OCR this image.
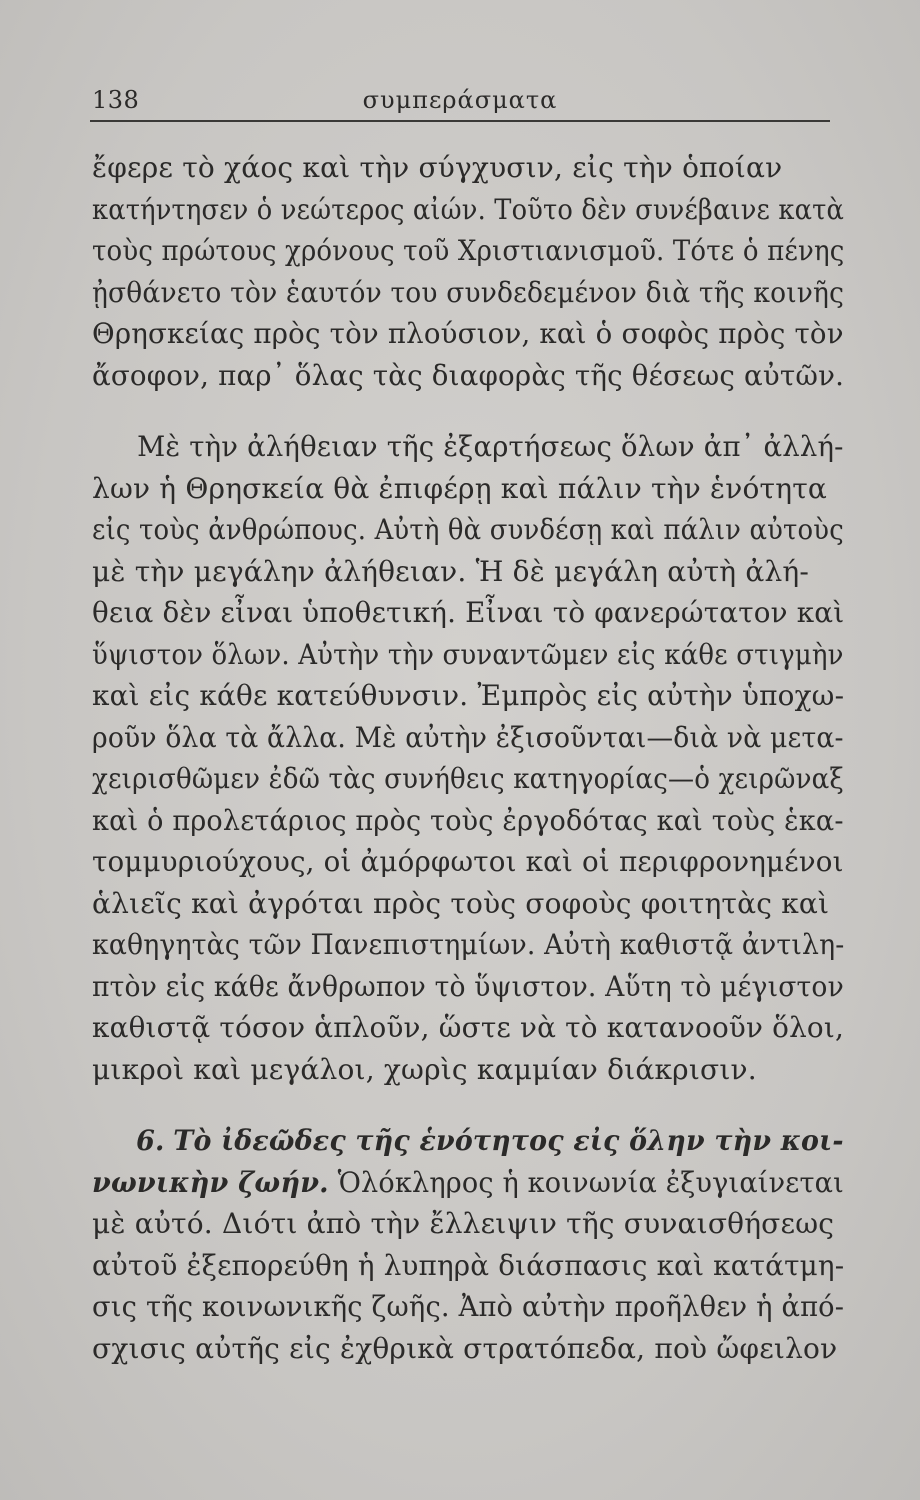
138	συμπεράσματα
ἔφερε τὸ χάος καὶ τὴν σύγχυσιν, εἰς τὴν ὁποίαν
κατήντησεν ὁ νεώτερος αἰών. Τοῦτο δὲν συνέβαινε κατὰ
τοὺς πρώτους χρόνους τοῦ Χριστιανισμοῦ. Τότε ὁ πένης
ᾐσθάνετο τὸν ἑαυτόν του συνδεδεμένον διὰ τῆς κοινῆς
Θρησκείας πρὸς τὸν πλούσιον, καὶ ὁ σοφὸς πρὸς τὸν
ἄσοφον, παρ᾽ ὅλας τὰς διαφορὰς τῆς θέσεως αὐτῶν.
Μὲ τὴν ἀλήθειαν τῆς ἐξαρτήσεως ὅλων ἀπ᾽ ἀλλή-
λων ἡ Θρησκεία θὰ ἐπιφέρῃ καὶ πάλιν τὴν ἑνότητα
εἰς τοὺς ἀνθρώπους. Αὐτὴ θὰ συνδέσῃ καὶ πάλιν αὐτοὺς
μὲ τὴν μεγάλην ἀλήθειαν. Ἡ δὲ μεγάλη αὐτὴ ἀλή-
θεια δὲν εἶναι ὑποθετική. Εἶναι τὸ φανερώτατον καὶ
ὕψιστον ὅλων. Αὐτὴν τὴν συναντῶμεν εἰς κάθε στιγμὴν
καὶ εἰς κάθε κατεύθυνσιν. Ἐμπρὸς εἰς αὐτὴν ὑποχω-
ροῦν ὅλα τὰ ἄλλα. Μὲ αὐτὴν ἐξισοῦνται—διὰ νὰ μετα-
χειρισθῶμεν ἐδῶ τὰς συνήθεις κατηγορίας—ὁ χειρῶναξ
καὶ ὁ προλετάριος πρὸς τοὺς ἐργοδότας καὶ τοὺς ἑκα-
τομμυριούχους, οἱ ἀμόρφωτοι καὶ οἱ περιφρονημένοι
ἁλιεῖς καὶ ἀγρόται πρὸς τοὺς σοφοὺς φοιτητὰς καὶ
καθηγητὰς τῶν Πανεπιστημίων. Αὐτὴ καθιστᾷ ἀντιλη-
πτὸν εἰς κάθε ἄνθρωπον τὸ ὕψιστον. Αὕτη τὸ μέγιστον
καθιστᾷ τόσον ἁπλοῦν, ὥστε νὰ τὸ κατανοοῦν ὅλοι,
μικροὶ καὶ μεγάλοι, χωρὶς καμμίαν διάκρισιν.
6. Τὸ ἰδεῶδες τῆς ἑνότητος εἰς ὅλην τὴν κοι-
νωνικὴν ζωήν. Ὁλόκληρος ἡ κοινωνία ἐξυγιαίνεται
μὲ αὐτό. Διότι ἀπὸ τὴν ἔλλειψιν τῆς συναισθήσεως
αὐτοῦ ἐξεπορεύθη ἡ λυπηρὰ διάσπασις καὶ κατάτμη-
σις τῆς κοινωνικῆς ζωῆς. Ἀπὸ αὐτὴν προῆλθεν ἡ ἀπό-
σχισις αὐτῆς εἰς ἐχθρικὰ στρατόπεδα, ποὺ ὤφειλον
